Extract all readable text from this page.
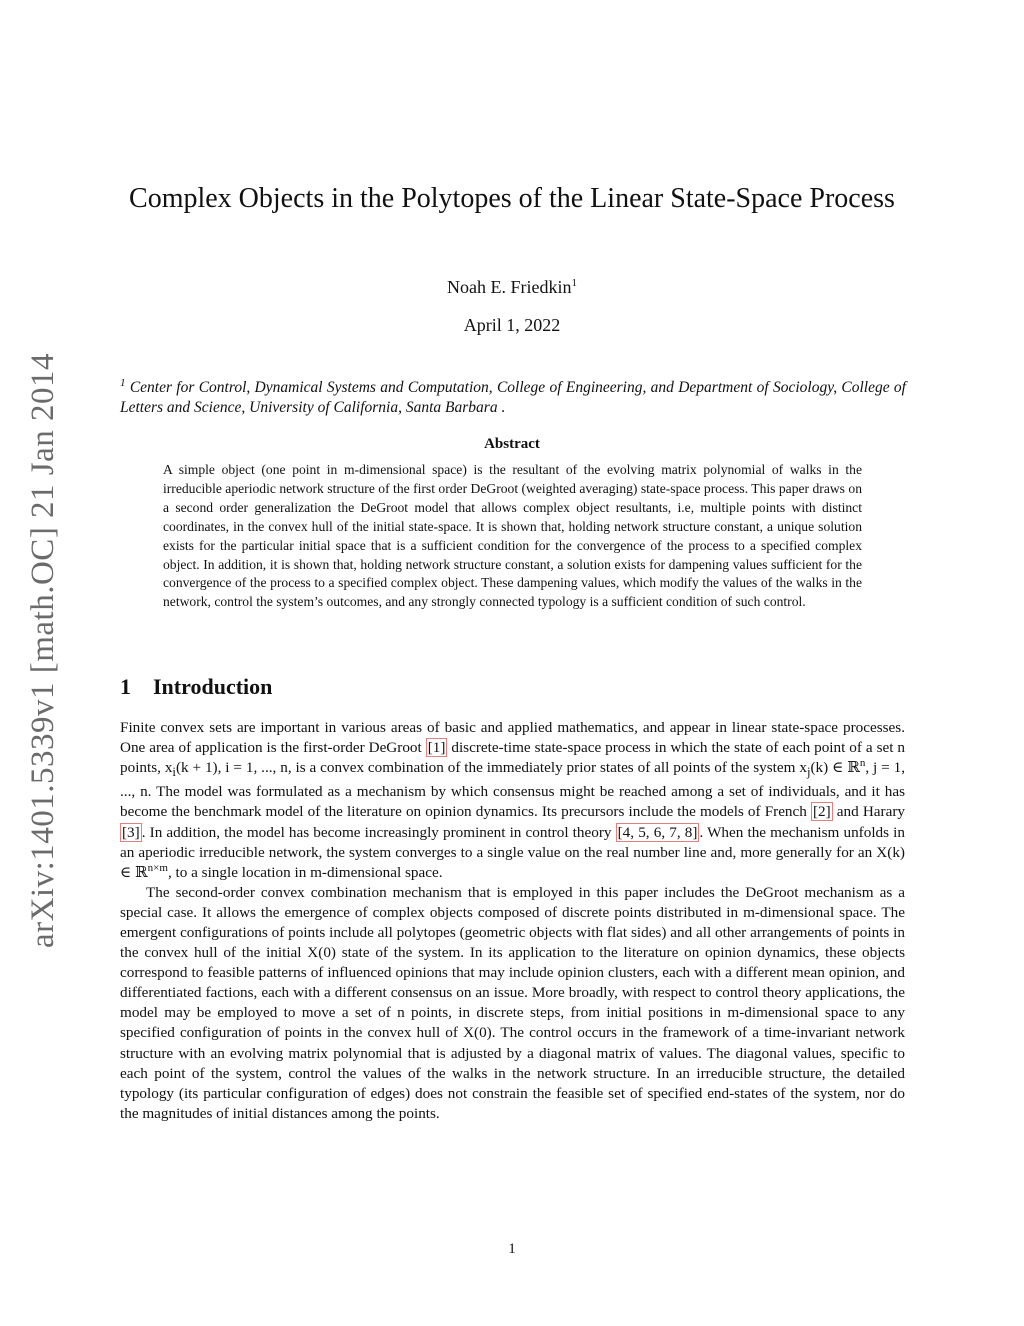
arXiv:1401.5339v1 [math.OC] 21 Jan 2014
Complex Objects in the Polytopes of the Linear State-Space Process
Noah E. Friedkin$^1$
April 1, 2022
$^1$ Center for Control, Dynamical Systems and Computation, College of Engineering, and Department of Sociology, College of Letters and Science, University of California, Santa Barbara .
Abstract
A simple object (one point in m-dimensional space) is the resultant of the evolving matrix polynomial of walks in the irreducible aperiodic network structure of the first order DeGroot (weighted averaging) state-space process. This paper draws on a second order generalization the DeGroot model that allows complex object resultants, i.e, multiple points with distinct coordinates, in the convex hull of the initial state-space. It is shown that, holding network structure constant, a unique solution exists for the particular initial space that is a sufficient condition for the convergence of the process to a specified complex object. In addition, it is shown that, holding network structure constant, a solution exists for dampening values sufficient for the convergence of the process to a specified complex object. These dampening values, which modify the values of the walks in the network, control the system’s outcomes, and any strongly connected typology is a sufficient condition of such control.
1 Introduction

Finite convex sets are important in various areas of basic and applied mathematics, and appear in linear state-space processes. One area of application is the first-order DeGroot [1] discrete-time state-space process in which the state of each point of a set n points, $x_i(k + 1)$, i = 1, ..., n, is a convex combination of the immediately prior states of all points of the system $x_j(k)$ ∈ ℝ$^n$, j = 1, ..., n. The model was formulated as a mechanism by which consensus might be reached among a set of individuals, and it has become the benchmark model of the literature on opinion dynamics. Its precursors include the models of French [2] and Harary [3] . In addition, the model has become increasingly prominent in control theory [4, 5, 6, 7, 8] . When the mechanism unfolds in an aperiodic irreducible network, the system converges to a single value on the real number line and, more generally for an X(k) ∈ ℝ$^{n\times m}$, to a single location in m-dimensional space.

The second-order convex combination mechanism that is employed in this paper includes the DeGroot mechanism as a special case. It allows the emergence of complex objects composed of discrete points distributed in m-dimensional space. The emergent configurations of points include all polytopes (geometric objects with flat sides) and all other arrangements of points in the convex hull of the initial X(0) state of the system. In its application to the literature on opinion dynamics, these objects correspond to feasible patterns of influenced opinions that may include opinion clusters, each with a different mean opinion, and differentiated factions, each with a different consensus on an issue. More broadly, with respect to control theory applications, the model may be employed to move a set of n points, in discrete steps, from initial positions in m-dimensional space to any specified configuration of points in the convex hull of X(0). The control occurs in the framework of a time-invariant network structure with an evolving matrix polynomial that is adjusted by a diagonal matrix of values. The diagonal values, specific to each point of the system, control the values of the walks in the network structure. In an irreducible structure, the detailed typology (its particular configuration of edges) does not constrain the feasible set of specified end-states of the system, nor do the magnitudes of initial distances among the points.

1
